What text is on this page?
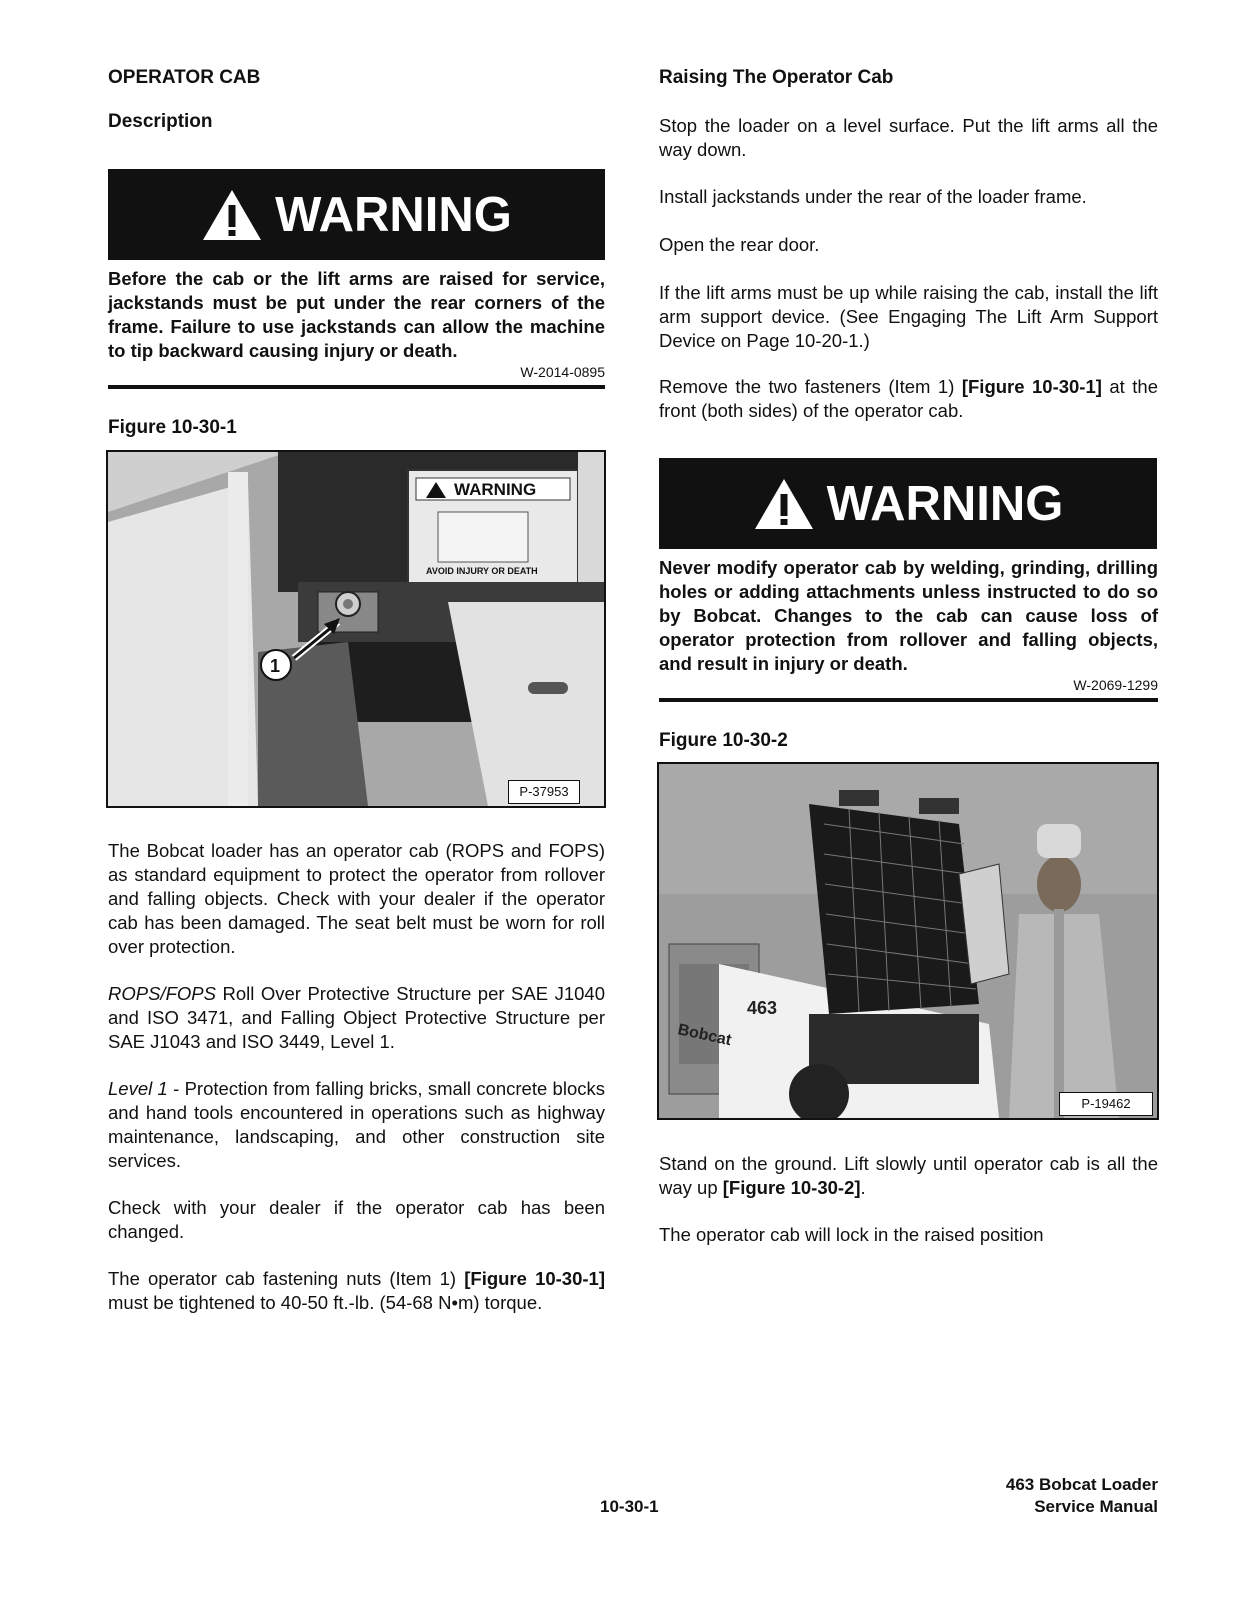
OPERATOR CAB
Description
WARNING
Before the cab or the lift arms are raised for service, jackstands must be put under the rear corners of the frame. Failure to use jackstands can allow the machine to tip backward causing injury or death.
W-2014-0895
Figure 10-30-1
WARNING
AVOID INJURY OR DEATH
1
P-37953
The Bobcat loader has an operator cab (ROPS and FOPS) as standard equipment to protect the operator from rollover and falling objects. Check with your dealer if the operator cab has been damaged. The seat belt must be worn for roll over protection.
ROPS/FOPS Roll Over Protective Structure per SAE J1040 and ISO 3471, and Falling Object Protective Structure per SAE J1043 and ISO 3449, Level 1.
Level 1 - Protection from falling bricks, small concrete blocks and hand tools encountered in operations such as highway maintenance, landscaping, and other construction site services.
Check with your dealer if the operator cab has been changed.
The operator cab fastening nuts (Item 1) [Figure 10-30-1] must be tightened to 40-50 ft.-lb. (54-68 N•m) torque.
Raising The Operator Cab
Stop the loader on a level surface. Put the lift arms all the way down.
Install jackstands under the rear of the loader frame.
Open the rear door.
If the lift arms must be up while raising the cab, install the lift arm support device. (See Engaging The Lift Arm Support Device on Page 10-20-1.)
Remove the two fasteners (Item 1) [Figure 10-30-1] at the front (both sides) of the operator cab.
WARNING
Never modify operator cab by welding, grinding, drilling holes or adding attachments unless instructed to do so by Bobcat. Changes to the cab can cause loss of operator protection from rollover and falling objects, and result in injury or death.
W-2069-1299
Figure 10-30-2
Bobcat
463
P-19462
Stand on the ground. Lift slowly until operator cab is all the way up [Figure 10-30-2].
The operator cab will lock in the raised position
10-30-1
463 Bobcat Loader
Service Manual
